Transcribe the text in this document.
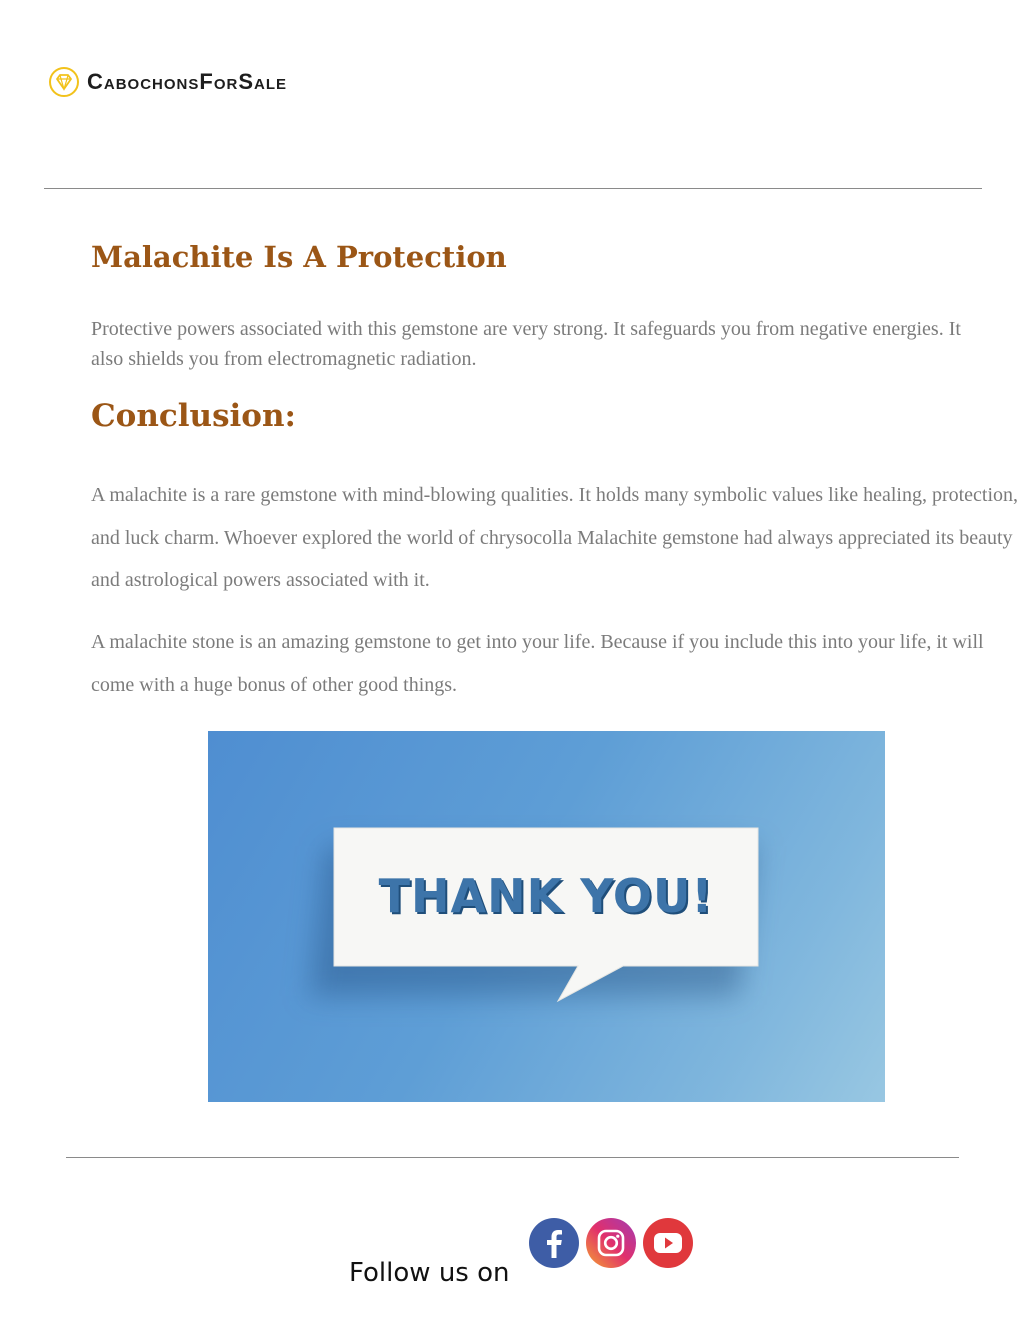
CabochonsForSale
Malachite Is A Protection

Protective powers associated with this gemstone are very strong. It safeguards you from negative energies. It also shields you from electromagnetic radiation.

Conclusion:

A malachite is a rare gemstone with mind-blowing qualities. It holds many symbolic values like healing, protection, and luck charm. Whoever explored the world of chrysocolla Malachite gemstone had always appreciated its beauty and astrological powers associated with it.

A malachite stone is an amazing gemstone to get into your life. Because if you include this into your life, it will come with a huge bonus of other good things.

THANK YOU!
Follow us on
